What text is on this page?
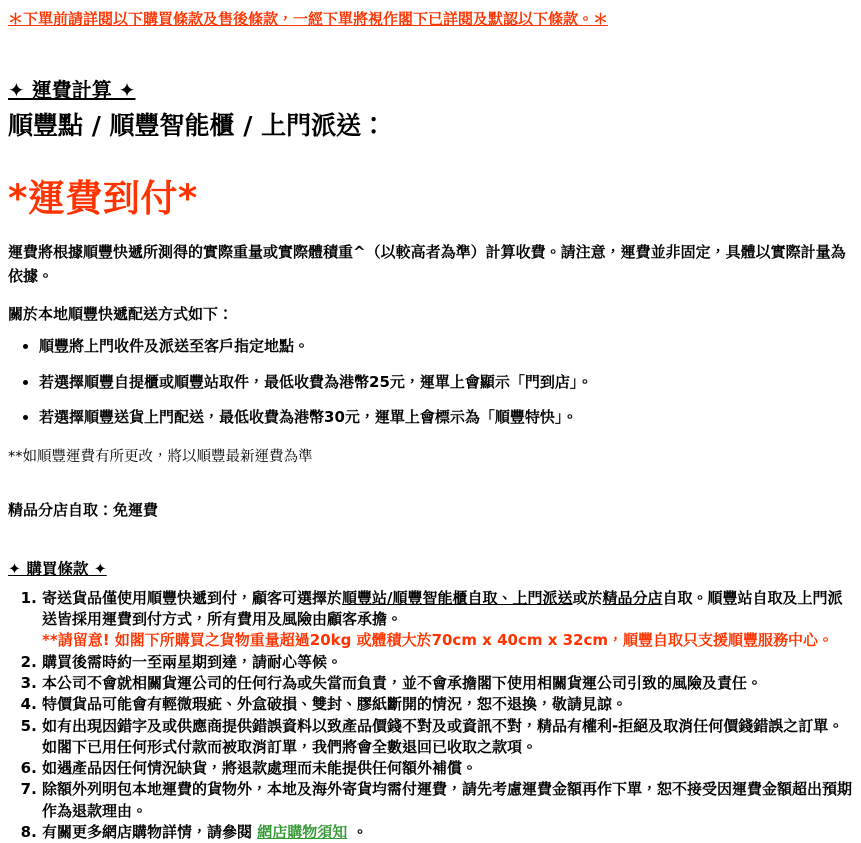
＊下單前請詳閱以下購買條款及售後條款，一經下單將視作閣下已詳閱及默認以下條款。＊
✦ 運費計算 ✦
順豐點 / 順豐智能櫃 / 上門派送：
*運費到付*
運費將根據順豐快遞所測得的實際重量或實際體積重^（以較高者為準）計算收費。請注意，運費並非固定，具體以實際計量為依據。
關於本地順豐快遞配送方式如下：
• 順豐將上門收件及派送至客戶指定地點。
• 若選擇順豐自提櫃或順豐站取件，最低收費為港幣25元，運單上會顯示「門到店」。
• 若選擇順豐送貨上門配送，最低收費為港幣30元，運單上會標示為「順豐特快」。
**如順豐運費有所更改，將以順豐最新運費為準
精品分店自取：免運費
✦ 購買條款 ✦
1. 寄送貨品僅使用順豐快遞到付，顧客可選擇於順豐站/順豐智能櫃自取、上門派送或於精品分店自取。順豐站自取及上門派送皆採用運費到付方式，所有費用及風險由顧客承擔。
**請留意! 如閣下所購買之貨物重量超過20kg 或體積大於70cm x 40cm x 32cm，順豐自取只支援順豐服務中心。
2. 購買後需時約一至兩星期到達，請耐心等候。
3. 本公司不會就相關貨運公司的任何行為或失當而負責，並不會承擔閣下使用相關貨運公司引致的風險及責任。
4. 特價貨品可能會有輕微瑕疵、外盒破損、雙封、膠紙斷開的情況，恕不退換，敬請見諒。
5. 如有出現因錯字及或供應商提供錯誤資料以致產品價錢不對及或資訊不對，精品有權利-拒絕及取消任何價錢錯誤之訂單。如閣下已用任何形式付款而被取消訂單，我們將會全數退回已收取之款項。
6. 如遇產品因任何情況缺貨，將退款處理而未能提供任何額外補償。
7. 除額外列明包本地運費的貨物外，本地及海外寄貨均需付運費，請先考慮運費金額再作下單，恕不接受因運費金額超出預期作為退款理由。
8. 有關更多網店購物詳情，請參閱 網店購物須知 。
